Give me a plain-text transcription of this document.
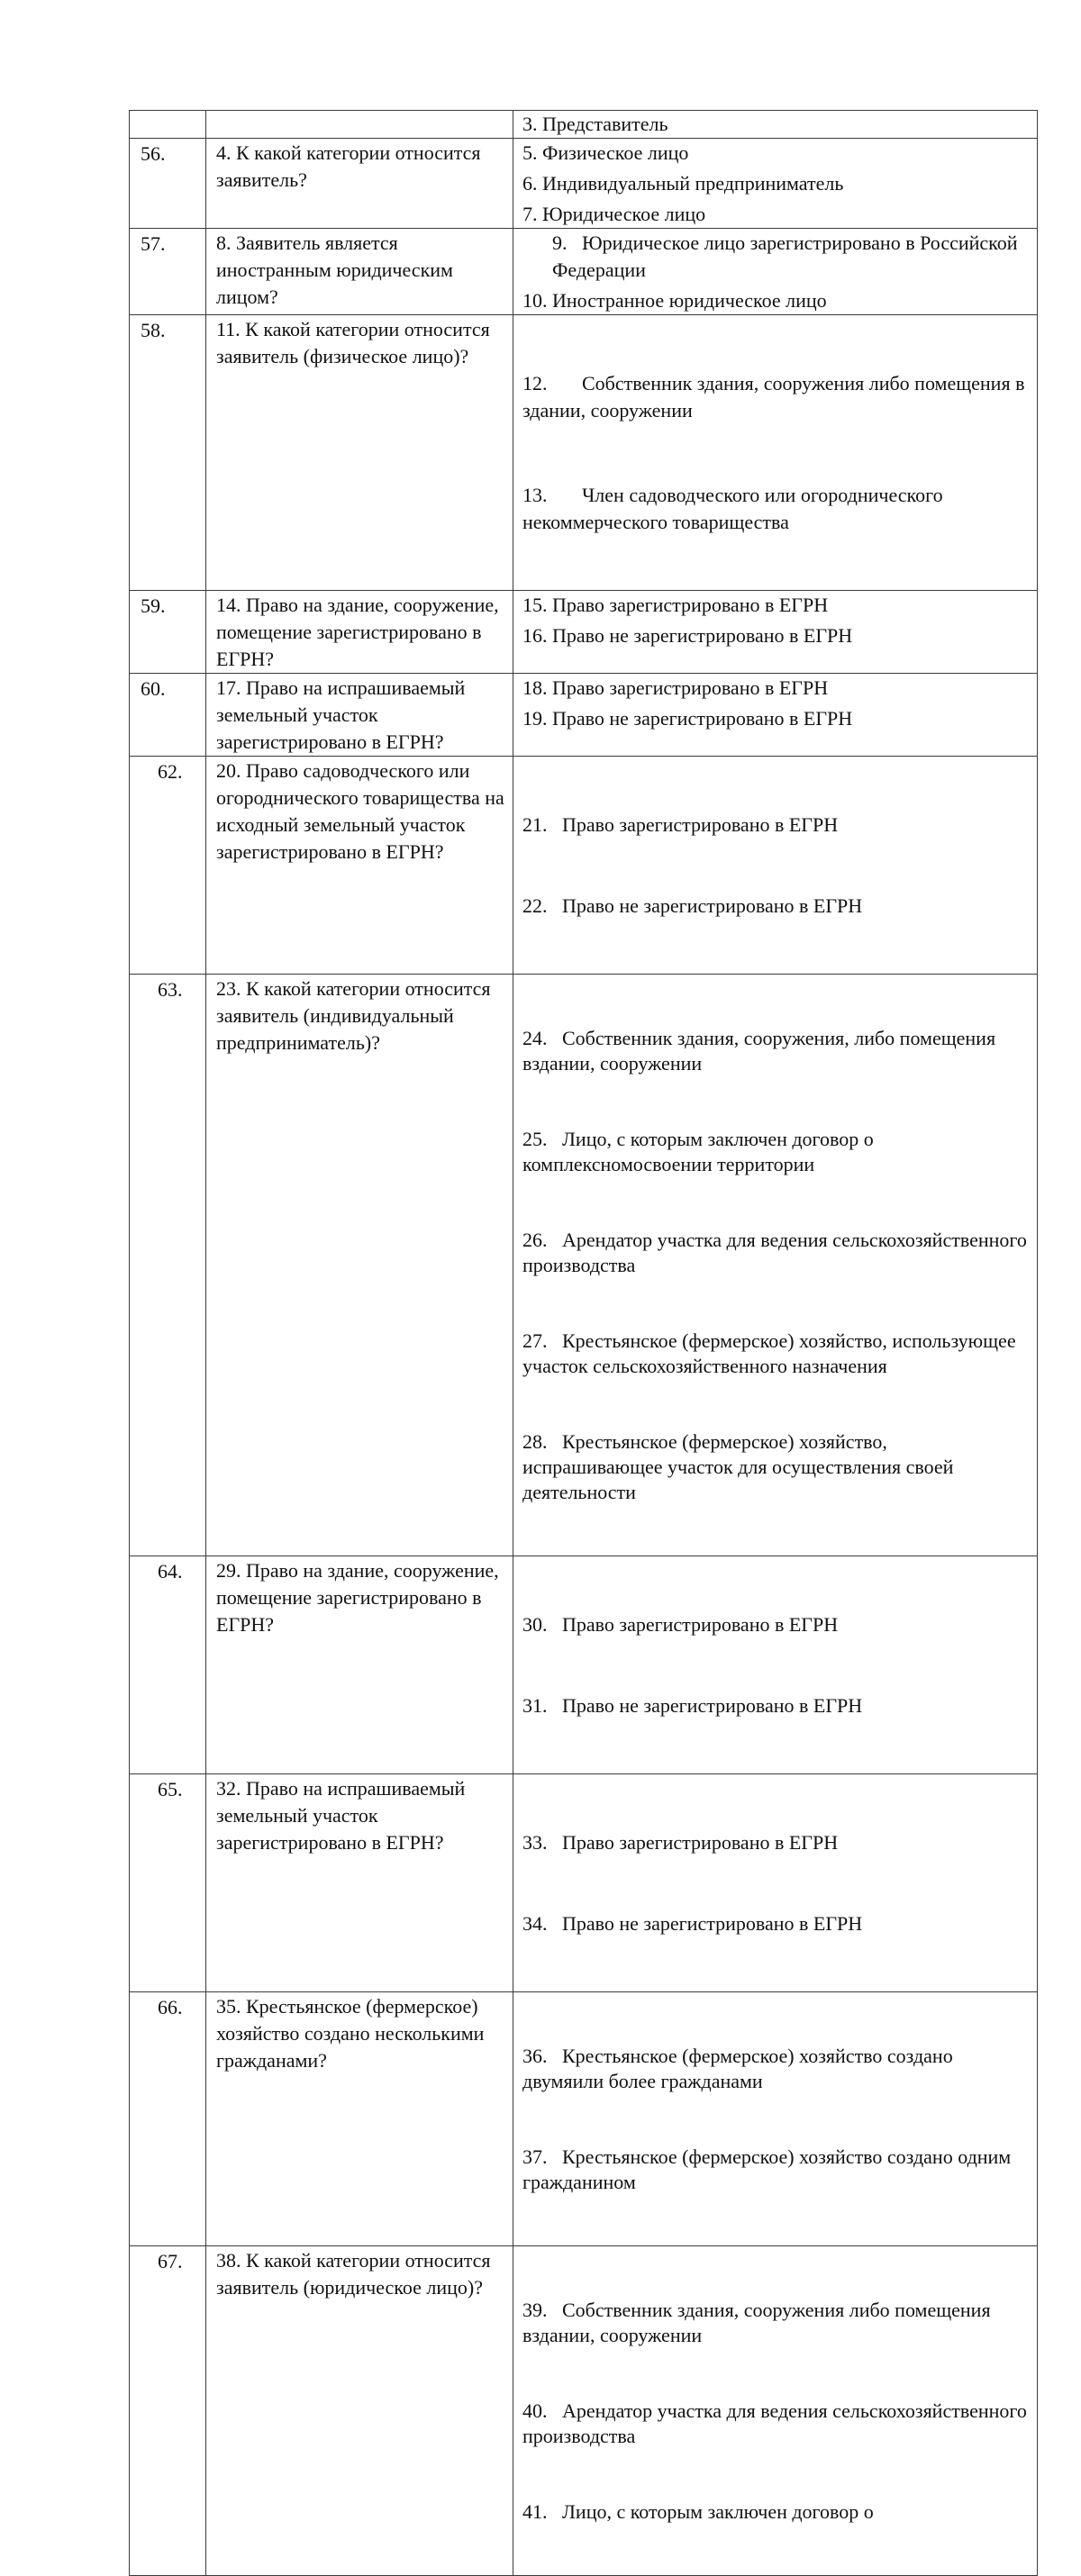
		3. Представитель

56.	4. К какой категории относится заявитель?	5. Физическое лицо
6. Индивидуальный предприниматель
7. Юридическое лицо

57.	8. Заявитель является иностранным юридическим лицом?	9.   Юридическое лицо зарегистрировано в Российской Федерации
10. Иностранное юридическое лицо

58.	11. К какой категории относится заявитель (физическое лицо)?	12.       Собственник здания, сооружения либо помещения в здании, сооружении

13.       Член садоводческого или огороднического некоммерческого товарищества

59.	14. Право на здание, сооружение, помещение зарегистрировано в ЕГРН?	15. Право зарегистрировано в ЕГРН
16. Право не зарегистрировано в ЕГРН

60.	17. Право на испрашиваемый земельный участок зарегистрировано в ЕГРН?	18. Право зарегистрировано в ЕГРН
19. Право не зарегистрировано в ЕГРН

62.	20. Право садоводческого или огороднического товарищества на исходный земельный участок зарегистрировано в ЕГРН?	21.   Право зарегистрировано в ЕГРН

22.   Право не зарегистрировано в ЕГРН

63.	23. К какой категории относится заявитель (индивидуальный предприниматель)?	24.   Собственник здания, сооружения, либо помещения вздании, сооружении

25.   Лицо, с которым заключен договор о комплексномосвоении территории

26.   Арендатор участка для ведения сельскохозяйственного производства

27.   Крестьянское (фермерское) хозяйство, использующее участок сельскохозяйственного назначения

28.   Крестьянское (фермерское) хозяйство, испрашивающее участок для осуществления своей деятельности

64.	29. Право на здание, сооружение, помещение зарегистрировано в ЕГРН?	30.   Право зарегистрировано в ЕГРН

31.   Право не зарегистрировано в ЕГРН

65.	32. Право на испрашиваемый земельный участок зарегистрировано в ЕГРН?	33.   Право зарегистрировано в ЕГРН

34.   Право не зарегистрировано в ЕГРН

66.	35. Крестьянское (фермерское) хозяйство создано несколькими гражданами?	36.   Крестьянское (фермерское) хозяйство создано двумяили более гражданами

37.   Крестьянское (фермерское) хозяйство создано одним гражданином

67.	38. К какой категории относится заявитель (юридическое лицо)?	39.   Собственник здания, сооружения либо помещения вздании, сооружении

40.   Арендатор участка для ведения сельскохозяйственного производства

41.   Лицо, с которым заключен договор о
